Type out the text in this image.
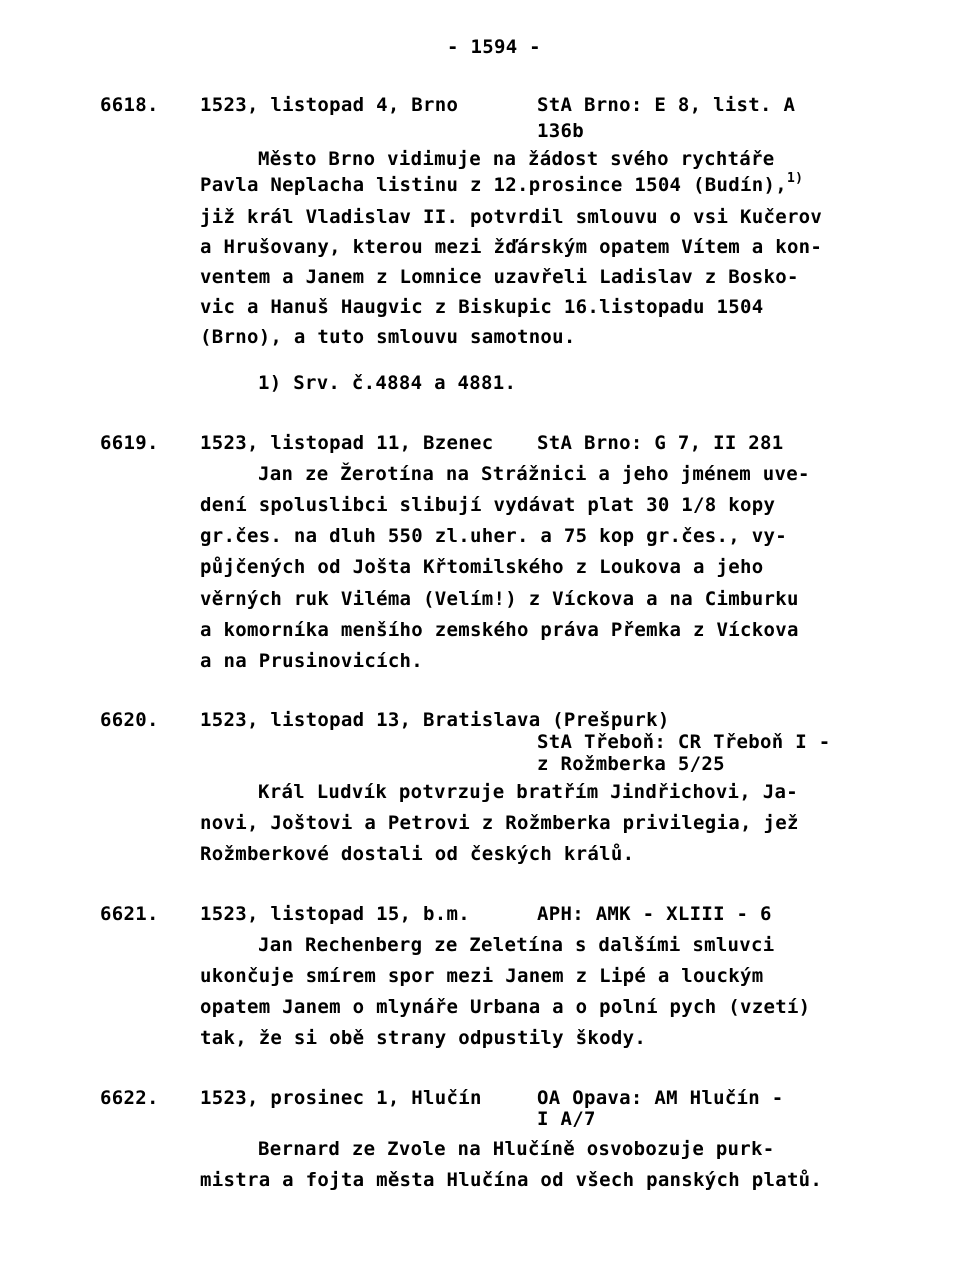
- 1594 -
6618. 1523, listopad 4, Brno	StA Brno: E 8, list. A
136b
Město Brno vidimuje na žádost svého rychtáře
Pavla Neplacha listinu z 12.prosince 1504 (Budín),$^{1)}$
již král Vladislav II. potvrdil smlouvu o vsi Kučerov
a Hrušovany, kterou mezi žďárským opatem Vítem a kon-
ventem a Janem z Lomnice uzavřeli Ladislav z Bosko-
vic a Hanuš Haugvic z Biskupic 16.listopadu 1504
(Brno), a tuto smlouvu samotnou.
1) Srv. č.4884 a 4881.
6619. 1523, listopad 11, Bzenec StA Brno: G 7, II 281
Jan ze Žerotína na Strážnici a jeho jménem uve-
dení spoluslibci slibují vydávat plat 30 1/8 kopy
gr.čes. na dluh 550 zl.uher. a 75 kop gr.čes., vy-
půjčených od Jošta Křtomilského z Loukova a jeho
věrných ruk Viléma (Velím!) z Víckova a na Cimburku
a komorníka menšího zemského práva Přemka z Víckova
a na Prusinovicích.
6620. 1523, listopad 13, Bratislava (Prešpurk)
StA Třeboň: CR Třeboň I -
z Rožmberka 5/25
Král Ludvík potvrzuje bratřím Jindřichovi, Ja-
novi, Joštovi a Petrovi z Rožmberka privilegia, jež
Rožmberkové dostali od českých králů.
6621. 1523, listopad 15, b.m.	APH: AMK - XLIII - 6
Jan Rechenberg ze Zeletína s dalšími smluvci
ukončuje smírem spor mezi Janem z Lipé a louckým
opatem Janem o mlynáře Urbana a o polní pych (vzetí)
tak, že si obě strany odpustily škody.
6622. 1523, prosinec 1, Hlučín	OA Opava: AM Hlučín -
I A/7
Bernard ze Zvole na Hlučíně osvobozuje purk-
mistra a fojta města Hlučína od všech panských platů.
